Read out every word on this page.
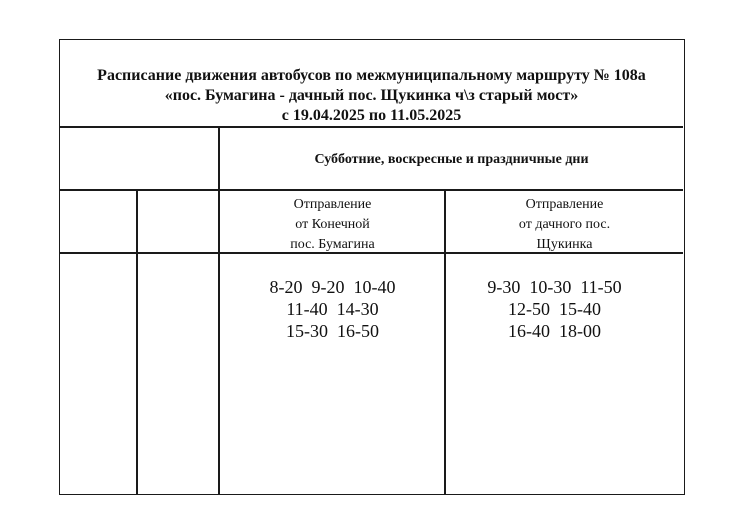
Расписание движения автобусов по межмуниципальному маршруту № 108а
«пос. Бумагина - дачный пос. Щукинка ч\з старый мост»
с 19.04.2025 по 11.05.2025
Субботние, воскресные и праздничные дни
Отправление
от Конечной
пос. Бумагина
Отправление
от дачного пос.
Щукинка
8-20  9-20  10-40
11-40  14-30
15-30  16-50
9-30  10-30  11-50
12-50  15-40
16-40  18-00
